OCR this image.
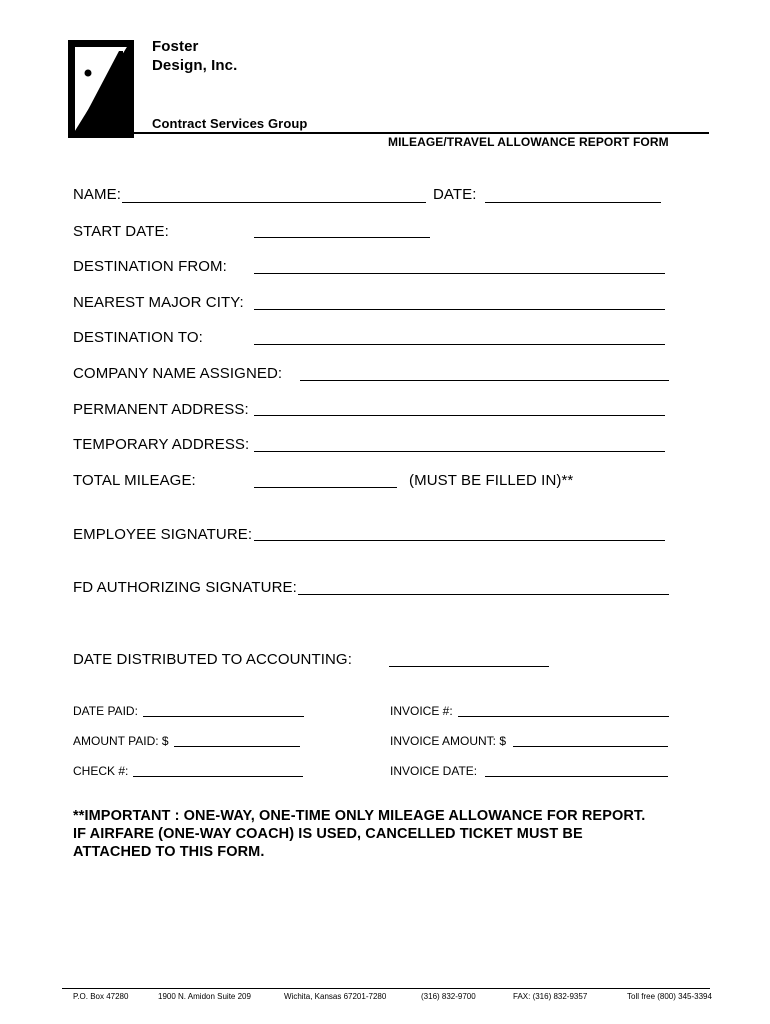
Foster
Design, Inc.
Contract Services Group
MILEAGE/TRAVEL ALLOWANCE REPORT FORM
NAME:	DATE:
START DATE:
DESTINATION FROM:
NEAREST MAJOR CITY:
DESTINATION TO:
COMPANY NAME ASSIGNED:
PERMANENT ADDRESS:
TEMPORARY ADDRESS:
TOTAL MILEAGE:	(MUST BE FILLED IN)**
EMPLOYEE SIGNATURE:
FD AUTHORIZING SIGNATURE:
DATE DISTRIBUTED TO ACCOUNTING:
DATE PAID:	INVOICE #:
AMOUNT PAID: $	INVOICE AMOUNT: $
CHECK #:	INVOICE DATE:
**IMPORTANT : ONE-WAY, ONE-TIME ONLY MILEAGE ALLOWANCE FOR REPORT.
IF AIRFARE (ONE-WAY COACH) IS USED, CANCELLED TICKET MUST BE
ATTACHED TO THIS FORM.
P.O. Box 47280	1900 N. Amidon Suite 209	Wichita, Kansas 67201-7280	(316) 832-9700	FAX: (316) 832-9357	Toll free (800) 345-3394
